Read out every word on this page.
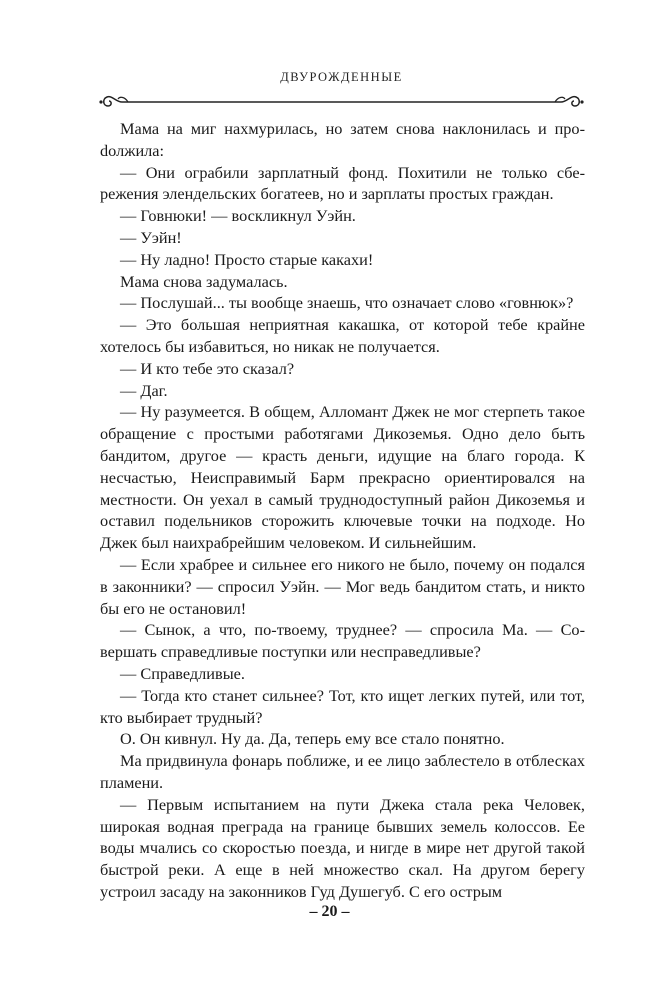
ДВУРОЖДЕННЫЕ

Мама на миг нахмурилась, но затем снова наклонилась и проdолжила:

— Они ограбили зарплатный фонд. Похитили не только сбережения элендельских богатеев, но и зарплаты простых граждан.

— Говнюки! — воскликнул Уэйн.

— Уэйн!

— Ну ладно! Просто старые какахи!

Мама снова задумалась.

— Послушай... ты вообще знаешь, что означает слово «говнюк»?

— Это большая неприятная какашка, от которой тебе крайне хотелось бы избавиться, но никак не получается.

— И кто тебе это сказал?

— Даг.

— Ну разумеется. В общем, Алломант Джек не мог стерпеть такое обращение с простыми работягами Дикоземья. Одно дело быть бандитом, другое — красть деньги, идущие на благо города. К несчастью, Неисправимый Барм прекрасно ориентировался на местности. Он уехал в самый труднодоступный район Дикоземья и оставил подельников сторожить ключевые точки на подходе. Но Джек был наихрабрейшим человеком. И сильнейшим.

— Если храбрее и сильнее его никого не было, почему он подался в законники? — спросил Уэйн. — Мог ведь бандитом стать, и никто бы его не остановил!

— Сынок, а что, по-твоему, труднее? — спросила Ма. — Совершать справедливые поступки или несправедливые?

— Справедливые.

— Тогда кто станет сильнее? Тот, кто ищет легких путей, или тот, кто выбирает трудный?

О. Он кивнул. Ну да. Да, теперь ему все стало понятно.

Ма придвинула фонарь поближе, и ее лицо заблестело в отблесках пламени.

— Первым испытанием на пути Джека стала река Человек, широкая водная преграда на границе бывших земель колоссов. Ее воды мчались со скоростью поезда, и нигде в мире нет другой такой быстрой реки. А еще в ней множество скал. На другом берегу устроил засаду на законников Гуд Душегуб. С его острым

– 20 –
